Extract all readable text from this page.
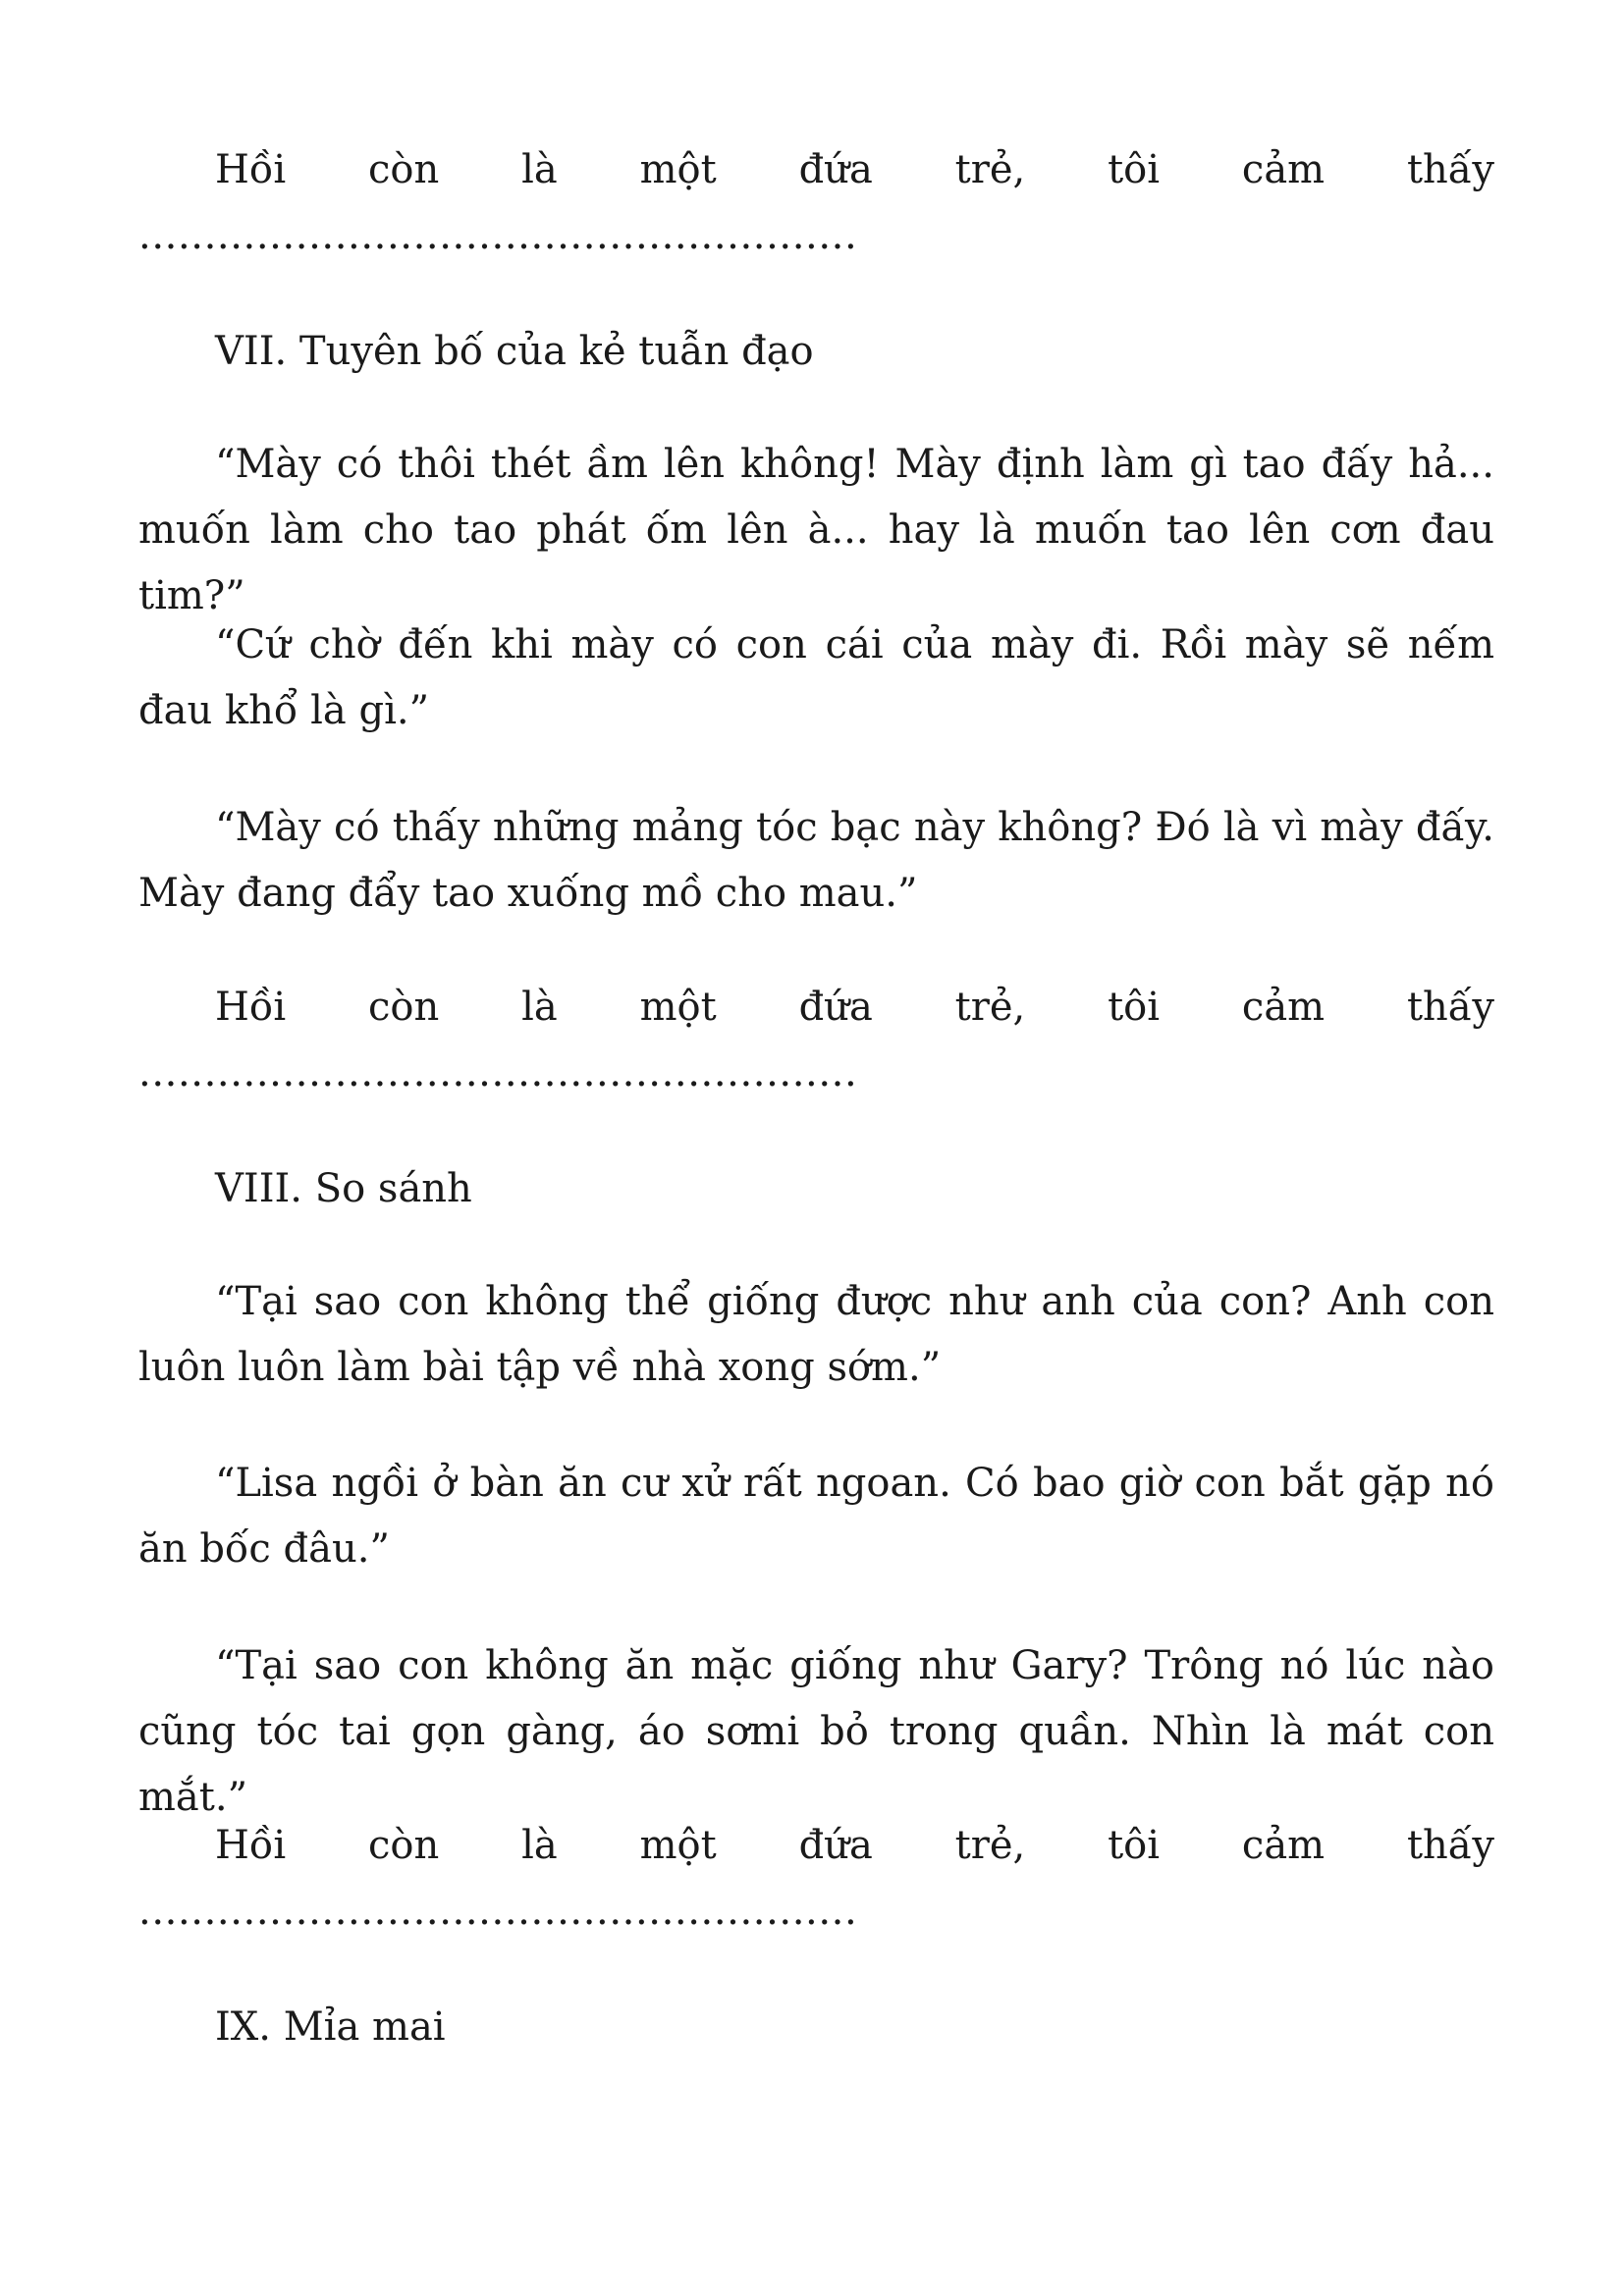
Hồi còn là một đứa trẻ, tôi cảm thấy
.......................................................
VII. Tuyên bố của kẻ tuẫn đạo

“Mày có thôi thét ầm lên không! Mày định làm gì tao đấy hả... muốn làm cho tao phát ốm lên à... hay là muốn tao lên cơn đau tim?”

“Cứ chờ đến khi mày có con cái của mày đi. Rồi mày sẽ nếm đau khổ là gì.”

“Mày có thấy những mảng tóc bạc này không? Đó là vì mày đấy. Mày đang đẩy tao xuống mồ cho mau.”

Hồi còn là một đứa trẻ, tôi cảm thấy
.......................................................
VIII. So sánh

“Tại sao con không thể giống được như anh của con? Anh con luôn luôn làm bài tập về nhà xong sớm.”

“Lisa ngồi ở bàn ăn cư xử rất ngoan. Có bao giờ con bắt gặp nó ăn bốc đâu.”

“Tại sao con không ăn mặc giống như Gary? Trông nó lúc nào cũng tóc tai gọn gàng, áo sơmi bỏ trong quần. Nhìn là mát con mắt.”

Hồi còn là một đứa trẻ, tôi cảm thấy
.......................................................
IX. Mỉa mai
